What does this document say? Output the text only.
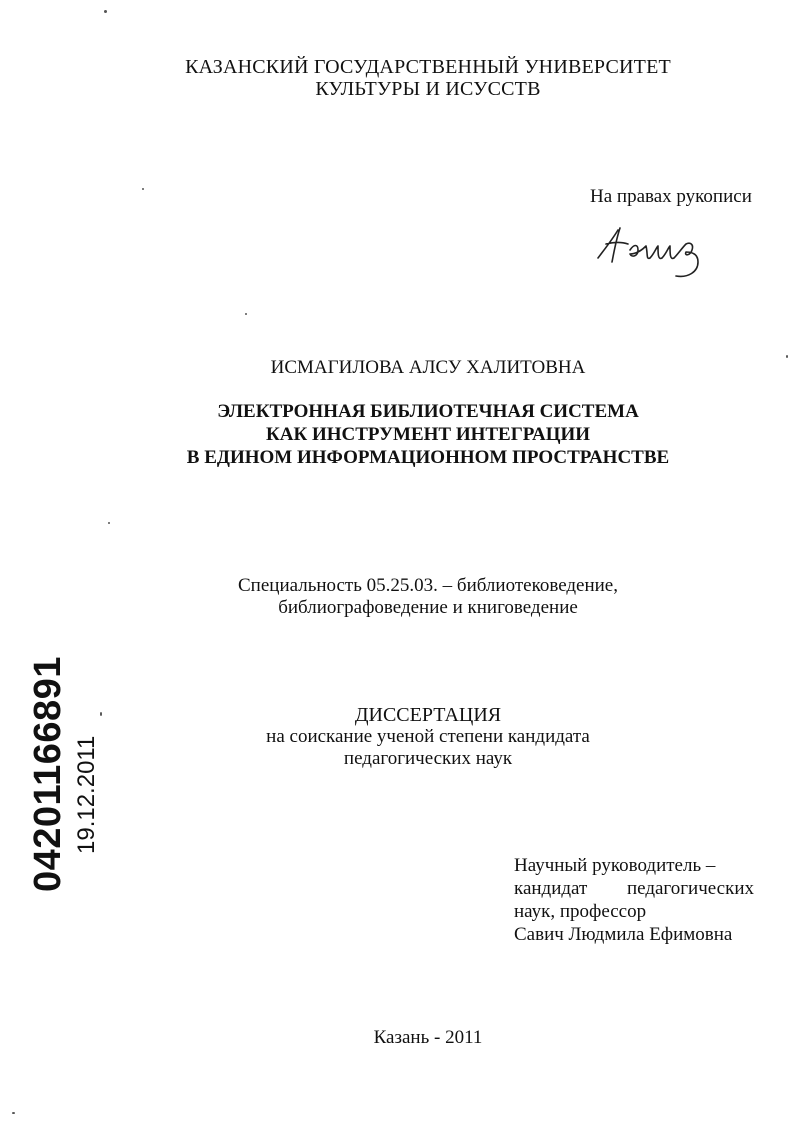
КАЗАНСКИЙ ГОСУДАРСТВЕННЫЙ УНИВЕРСИТЕТ
КУЛЬТУРЫ И ИСУССТВ
На правах рукописи
ИСМАГИЛОВА АЛСУ ХАЛИТОВНА
ЭЛЕКТРОННАЯ БИБЛИОТЕЧНАЯ СИСТЕМА
КАК ИНСТРУМЕНТ ИНТЕГРАЦИИ
В ЕДИНОМ ИНФОРМАЦИОННОМ ПРОСТРАНСТВЕ
Специальность 05.25.03. – библиотековедение,
библиографоведение и книговедение
ДИССЕРТАЦИЯ
на соискание ученой степени кандидата
педагогических наук
Научный руководитель –
кандидат педагогических
наук, профессор
Савич Людмила Ефимовна
Казань - 2011
04201166891 19.12.2011
